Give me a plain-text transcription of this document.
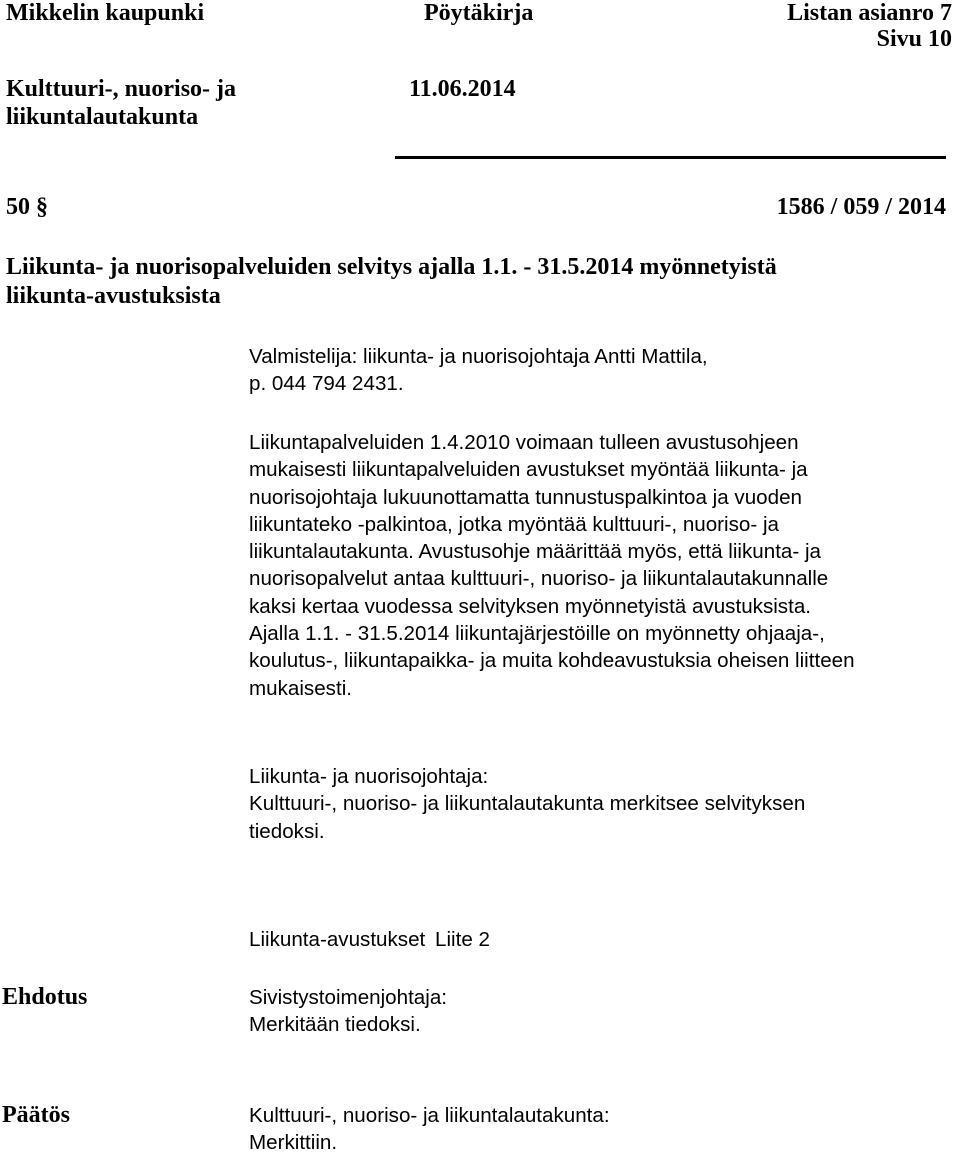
Mikkelin kaupunki	Pöytäkirja	Listan asianro 7
Sivu 10
Kulttuuri-, nuoriso- ja
liikuntalautakunta
11.06.2014
50 §	1586 / 059 / 2014
Liikunta- ja nuorisopalveluiden selvitys ajalla 1.1. - 31.5.2014 myönnetyistä
liikunta-avustuksista
Valmistelija: liikunta- ja nuorisojohtaja Antti Mattila,
p. 044 794 2431.
Liikuntapalveluiden 1.4.2010 voimaan tulleen avustusohjeen
mukaisesti liikuntapalveluiden avustukset myöntää liikunta- ja
nuorisojohtaja lukuunottamatta tunnustuspalkintoa ja vuoden
liikuntateko -palkintoa, jotka myöntää kulttuuri-, nuoriso- ja
liikuntalautakunta. Avustusohje määrittää myös, että liikunta- ja
nuorisopalvelut antaa kulttuuri-, nuoriso- ja liikuntalautakunnalle
kaksi kertaa vuodessa selvityksen myönnetyistä avustuksista.
Ajalla 1.1. - 31.5.2014 liikuntajärjestöille on myönnetty ohjaaja-,
koulutus-, liikuntapaikka- ja muita kohdeavustuksia oheisen liitteen
mukaisesti.
Liikunta- ja nuorisojohtaja:
Kulttuuri-, nuoriso- ja liikuntalautakunta merkitsee selvityksen
tiedoksi.
Liikunta-avustukset Liite 2
Ehdotus	Sivistystoimenjohtaja:
Merkitään tiedoksi.
Päätös	Kulttuuri-, nuoriso- ja liikuntalautakunta:
Merkittiin.
